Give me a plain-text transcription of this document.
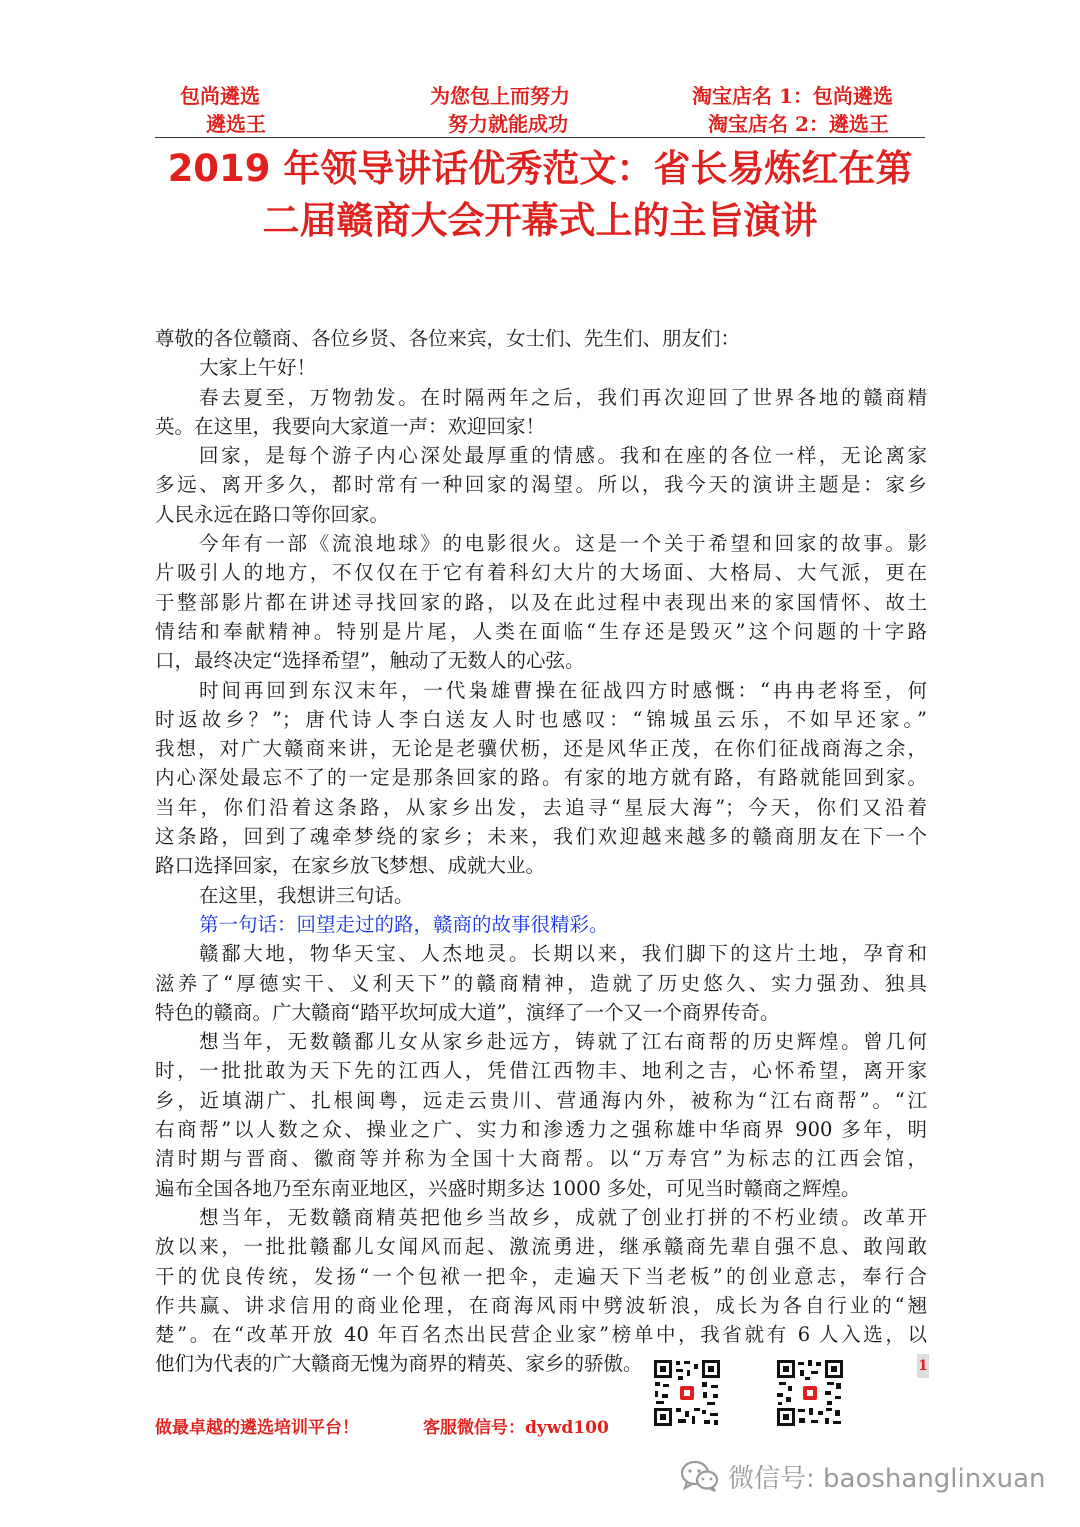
包尚遴选
遴选王
为您包上而努力
努力就能成功
淘宝店名 1：包尚遴选
淘宝店名 2：遴选王
2019 年领导讲话优秀范文：省长易炼红在第
二届赣商大会开幕式上的主旨演讲
尊敬的各位赣商、各位乡贤、各位来宾，女士们、先生们、朋友们：
大家上午好！
春去夏至，万物勃发。在时隔两年之后，我们再次迎回了世界各地的赣商精
英。在这里，我要向大家道一声：欢迎回家！
回家，是每个游子内心深处最厚重的情感。我和在座的各位一样，无论离家
多远、离开多久，都时常有一种回家的渴望。所以，我今天的演讲主题是：家乡
人民永远在路口等你回家。
今年有一部《流浪地球》的电影很火。这是一个关于希望和回家的故事。影
片吸引人的地方，不仅仅在于它有着科幻大片的大场面、大格局、大气派，更在
于整部影片都在讲述寻找回家的路，以及在此过程中表现出来的家国情怀、故土
情结和奉献精神。特别是片尾，人类在面临“生存还是毁灭”这个问题的十字路
口，最终决定“选择希望”，触动了无数人的心弦。
时间再回到东汉末年，一代枭雄曹操在征战四方时感慨：“冉冉老将至，何
时返故乡？”；唐代诗人李白送友人时也感叹：“锦城虽云乐，不如早还家。”
我想，对广大赣商来讲，无论是老骥伏枥，还是风华正茂，在你们征战商海之余，
内心深处最忘不了的一定是那条回家的路。有家的地方就有路，有路就能回到家。
当年，你们沿着这条路，从家乡出发，去追寻“星辰大海”；今天，你们又沿着
这条路，回到了魂牵梦绕的家乡；未来，我们欢迎越来越多的赣商朋友在下一个
路口选择回家，在家乡放飞梦想、成就大业。
在这里，我想讲三句话。
第一句话：回望走过的路，赣商的故事很精彩。
赣鄱大地，物华天宝、人杰地灵。长期以来，我们脚下的这片土地，孕育和
滋养了“厚德实干、义利天下”的赣商精神，造就了历史悠久、实力强劲、独具
特色的赣商。广大赣商“踏平坎坷成大道”，演绎了一个又一个商界传奇。
想当年，无数赣鄱儿女从家乡赴远方，铸就了江右商帮的历史辉煌。曾几何
时，一批批敢为天下先的江西人，凭借江西物丰、地利之吉，心怀希望，离开家
乡，近填湖广、扎根闽粤，远走云贵川、营通海内外，被称为“江右商帮”。“江
右商帮”以人数之众、操业之广、实力和渗透力之强称雄中华商界 900 多年，明
清时期与晋商、徽商等并称为全国十大商帮。以“万寿宫”为标志的江西会馆，
遍布全国各地乃至东南亚地区，兴盛时期多达 1000 多处，可见当时赣商之辉煌。
想当年，无数赣商精英把他乡当故乡，成就了创业打拼的不朽业绩。改革开
放以来，一批批赣鄱儿女闻风而起、激流勇进，继承赣商先辈自强不息、敢闯敢
干的优良传统，发扬“一个包袱一把伞，走遍天下当老板”的创业意志，奉行合
作共赢、讲求信用的商业伦理，在商海风雨中劈波斩浪，成长为各自行业的“翘
楚”。在“改革开放 40 年百名杰出民营企业家”榜单中，我省就有 6 人入选，以
他们为代表的广大赣商无愧为商界的精英、家乡的骄傲。	1
做最卓越的遴选培训平台！	客服微信号：dywd100
微信号: baoshanglinxuan
